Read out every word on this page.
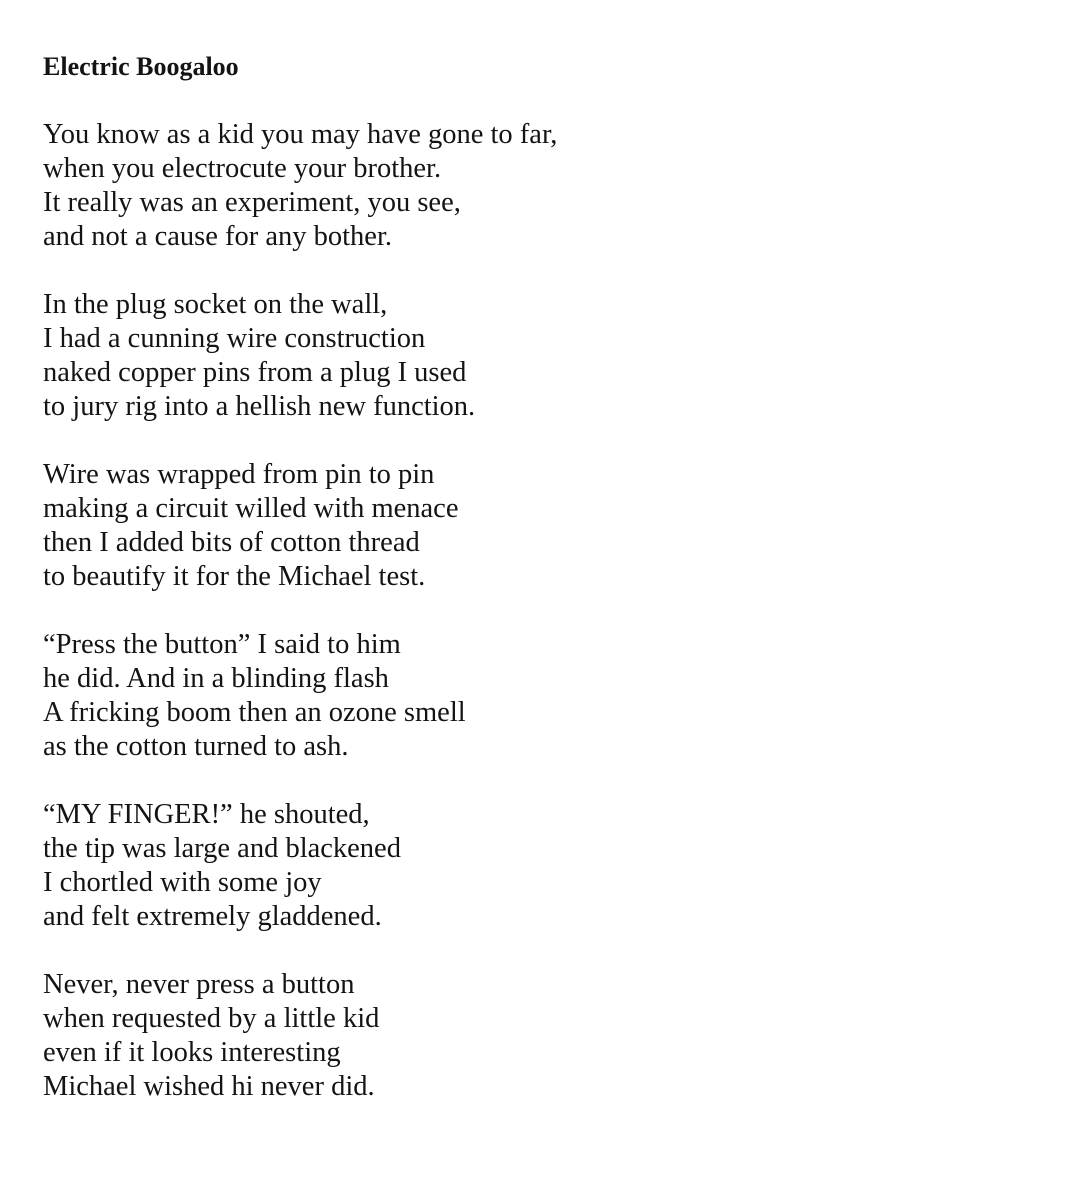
Electric Boogaloo
You know as a kid you may have gone to far,
when you electrocute your brother.
It really was an experiment, you see,
and not a cause for any bother.
In the plug socket on the wall,
I had a cunning wire construction
naked copper pins from a plug I used
to jury rig into a hellish new function.
Wire was wrapped from pin to pin
making a circuit willed with menace
then I added bits of cotton thread
to beautify it for the Michael test.
“Press the button” I said to him
he did. And in a blinding flash
A fricking boom then an ozone smell
as the cotton turned to ash.
“MY FINGER!” he shouted,
the tip was large and blackened
I chortled with some joy
and felt extremely gladdened.
Never, never press a button
when requested by a little kid
even if it looks interesting
Michael wished hi never did.
